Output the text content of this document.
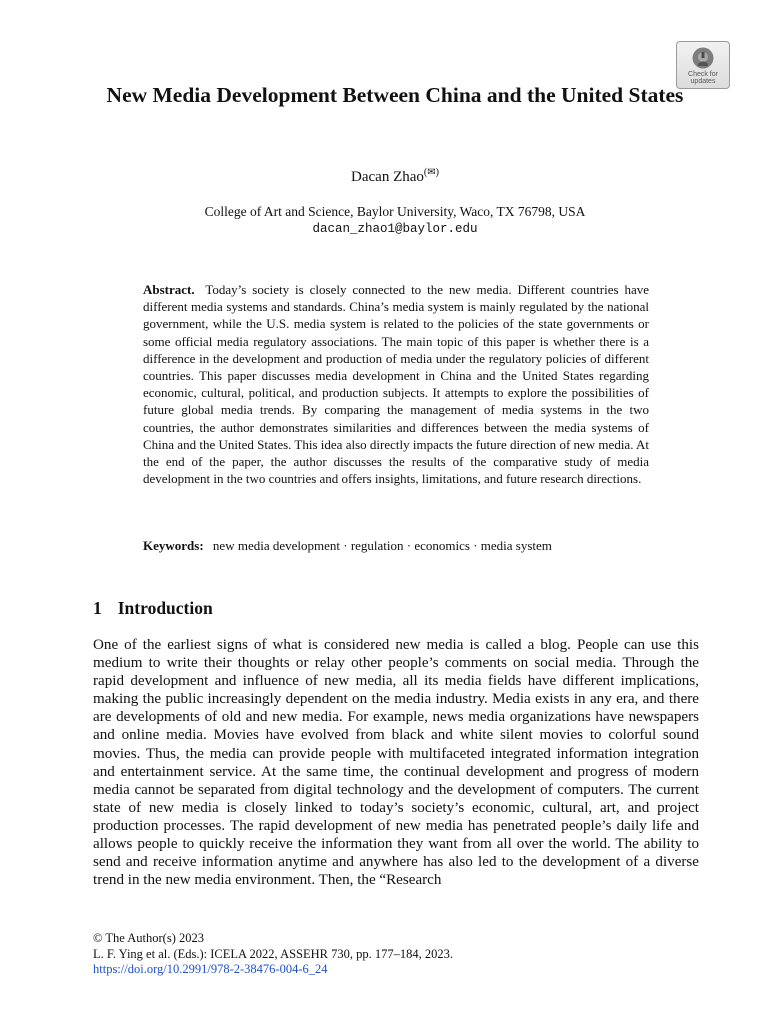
Check for updates
New Media Development Between China and the United States
Dacan Zhao(✉)
College of Art and Science, Baylor University, Waco, TX 76798, USA
dacan_zhao1@baylor.edu
Abstract. Today’s society is closely connected to the new media. Different countries have different media systems and standards. China’s media system is mainly regulated by the national government, while the U.S. media system is related to the policies of the state governments or some official media regulatory associations. The main topic of this paper is whether there is a difference in the development and production of media under the regulatory policies of different countries. This paper discusses media development in China and the United States regarding economic, cultural, political, and production subjects. It attempts to explore the possibilities of future global media trends. By comparing the management of media systems in the two countries, the author demonstrates similarities and differences between the media systems of China and the United States. This idea also directly impacts the future direction of new media. At the end of the paper, the author discusses the results of the comparative study of media development in the two countries and offers insights, limitations, and future research directions.
Keywords: new media development · regulation · economics · media system
1 Introduction
One of the earliest signs of what is considered new media is called a blog. People can use this medium to write their thoughts or relay other people’s comments on social media. Through the rapid development and influence of new media, all its media fields have different implications, making the public increasingly dependent on the media industry. Media exists in any era, and there are developments of old and new media. For example, news media organizations have newspapers and online media. Movies have evolved from black and white silent movies to colorful sound movies. Thus, the media can provide people with multifaceted integrated information integration and entertainment service. At the same time, the continual development and progress of modern media cannot be separated from digital technology and the development of computers. The current state of new media is closely linked to today’s society’s economic, cultural, art, and project production processes. The rapid development of new media has penetrated people’s daily life and allows people to quickly receive the information they want from all over the world. The ability to send and receive information anytime and anywhere has also led to the development of a diverse trend in the new media environment. Then, the “Research
© The Author(s) 2023
L. F. Ying et al. (Eds.): ICELA 2022, ASSEHR 730, pp. 177–184, 2023.
https://doi.org/10.2991/978-2-38476-004-6_24
